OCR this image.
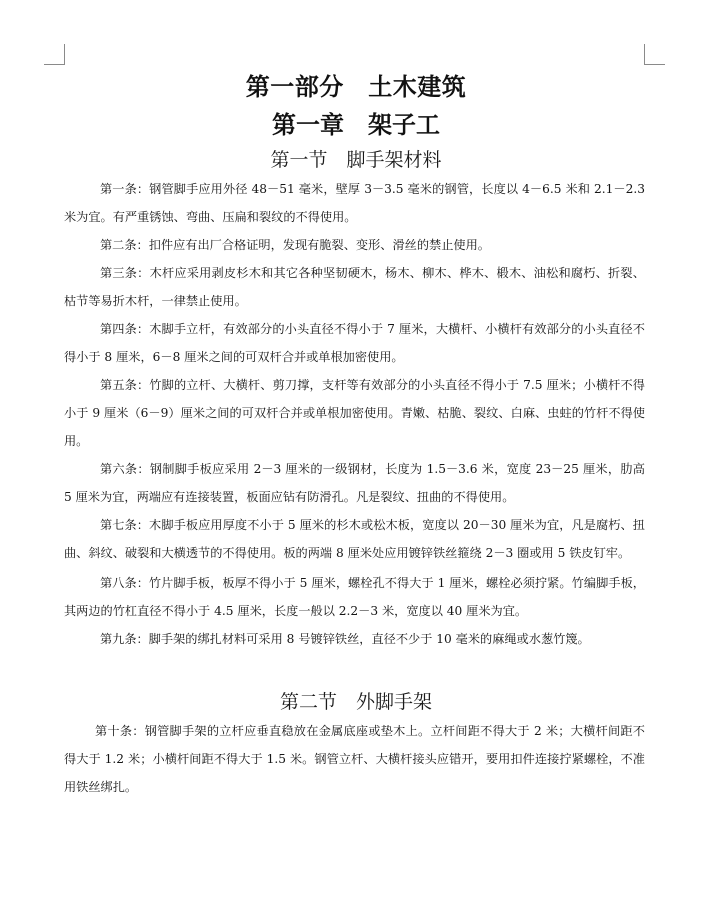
第一部分　土木建筑
第一章　架子工
第一节　脚手架材料

第一条：钢管脚手应用外径 48－51 毫米，壁厚 3－3.5 毫米的钢管，长度以 4－6.5 米和 2.1－2.3 米为宜。有严重锈蚀、弯曲、压扁和裂纹的不得使用。

第二条：扣件应有出厂合格证明，发现有脆裂、变形、滑丝的禁止使用。

第三条：木杆应采用剥皮杉木和其它各种坚韧硬木，杨木、柳木、桦木、椴木、油松和腐朽、折裂、枯节等易折木杆，一律禁止使用。

第四条：木脚手立杆，有效部分的小头直径不得小于 7 厘米，大横杆、小横杆有效部分的小头直径不得小于 8 厘米，6－8 厘米之间的可双杆合并或单根加密使用。

第五条：竹脚的立杆、大横杆、剪刀撑，支杆等有效部分的小头直径不得小于 7.5 厘米；小横杆不得小于 9 厘米（6－9）厘米之间的可双杆合并或单根加密使用。青嫩、枯脆、裂纹、白麻、虫蛀的竹杆不得使用。

第六条：钢制脚手板应采用 2－3 厘米的一级钢材，长度为 1.5－3.6 米，宽度 23－25 厘米，肋高 5 厘米为宜，两端应有连接装置，板面应钻有防滑孔。凡是裂纹、扭曲的不得使用。

第七条：木脚手板应用厚度不小于 5 厘米的杉木或松木板，宽度以 20－30 厘米为宜，凡是腐朽、扭曲、斜纹、破裂和大横透节的不得使用。板的两端 8 厘米处应用镀锌铁丝箍绕 2－3 圈或用 5 铁皮钉牢。

第八条：竹片脚手板，板厚不得小于 5 厘米，螺栓孔不得大于 1 厘米，螺栓必须拧紧。竹编脚手板，其两边的竹杠直径不得小于 4.5 厘米，长度一般以 2.2－3 米，宽度以 40 厘米为宜。

第九条：脚手架的绑扎材料可采用 8 号镀锌铁丝，直径不少于 10 毫米的麻绳或水葱竹篾。

第二节　外脚手架

第十条：钢管脚手架的立杆应垂直稳放在金属底座或垫木上。立杆间距不得大于 2 米；大横杆间距不得大于 1.2 米；小横杆间距不得大于 1.5 米。钢管立杆、大横杆接头应错开，要用扣件连接拧紧螺栓，不准用铁丝绑扎。
